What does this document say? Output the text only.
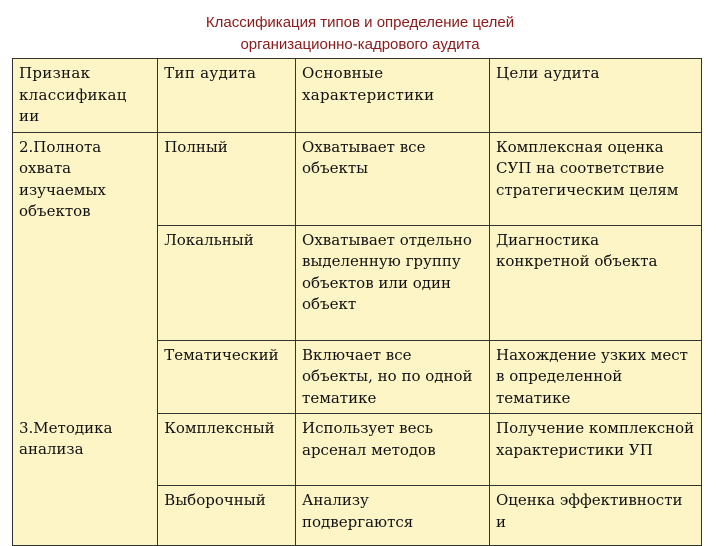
Классификация типов и определение целей
организационно-кадрового аудита
Признак классификац ии	Тип аудита	Основные характеристики	Цели аудита
2.Полнота охвата изучаемых объектов	Полный	Охватывает все объекты	Комплексная оценка СУП на соответствие стратегическим целям
	Локальный	Охватывает отдельно выделенную группу объектов или один объект	Диагностика конкретной объекта
	Тематический	Включает все объекты, но по одной тематике	Нахождение узких мест в определенной тематике
3.Методика анализа	Комплексный	Использует весь арсенал методов	Получение комплексной характеристики УП
	Выборочный	Анализу подвергаются	Оценка эффективности и
